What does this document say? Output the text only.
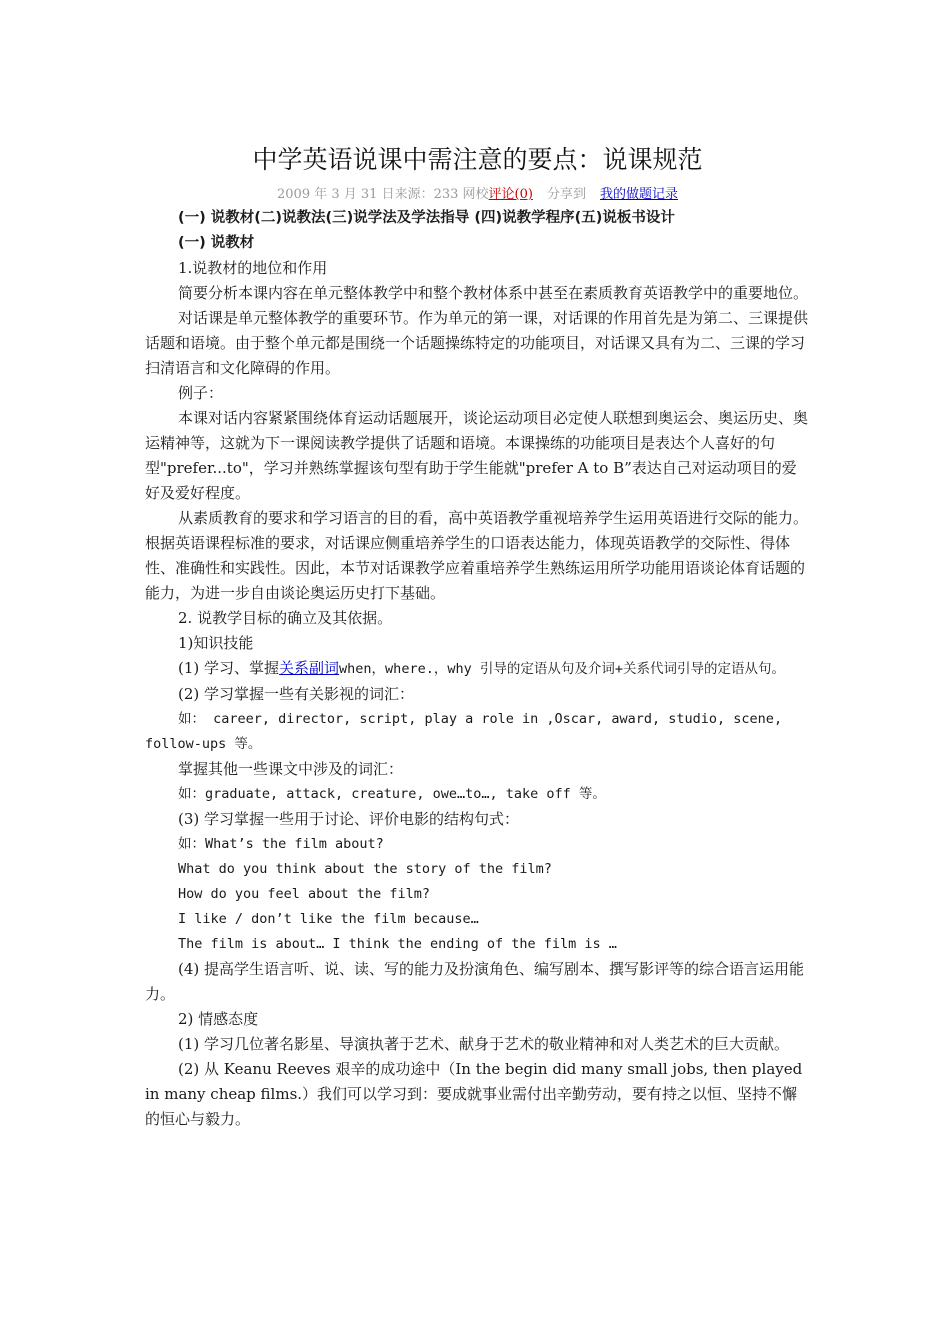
中学英语说课中需注意的要点：说课规范
2009 年 3 月 31 日来源：233 网校评论(0) 分享到 我的做题记录

(一) 说教材(二)说教法(三)说学法及学法指导 (四)说教学程序(五)说板书设计

(一) 说教材

1.说教材的地位和作用

简要分析本课内容在单元整体教学中和整个教材体系中甚至在素质教育英语教学中的重要地位。

对话课是单元整体教学的重要环节。作为单元的第一课，对话课的作用首先是为第二、三课提供话题和语境。由于整个单元都是围绕一个话题操练特定的功能项目，对话课又具有为二、三课的学习扫清语言和文化障碍的作用。

例子：

本课对话内容紧紧围绕体育运动话题展开，谈论运动项目必定使人联想到奥运会、奥运历史、奥运精神等，这就为下一课阅读教学提供了话题和语境。本课操练的功能项目是表达个人喜好的句型"prefer...to"，学习并熟练掌握该句型有助于学生能就"prefer A to B”表达自己对运动项目的爱好及爱好程度。

从素质教育的要求和学习语言的目的看，高中英语教学重视培养学生运用英语进行交际的能力。根据英语课程标准的要求，对话课应侧重培养学生的口语表达能力，体现英语教学的交际性、得体性、准确性和实践性。因此，本节对话课教学应着重培养学生熟练运用所学功能用语谈论体育话题的能力，为进一步自由谈论奥运历史打下基础。

2. 说教学目标的确立及其依据。

1)知识技能

(1) 学习、掌握关系副词when，where.，why 引导的定语从句及介词+关系代词引导的定语从句。

(2) 学习掌握一些有关影视的词汇：

如： career, director, script, play a role in ,Oscar, award, studio, scene, follow-ups 等。

掌握其他一些课文中涉及的词汇：

如：graduate, attack, creature, owe…to…, take off 等。

(3) 学习掌握一些用于讨论、评价电影的结构句式：

如：What’s the film about?

What do you think about the story of the film?

How do you feel about the film?

I like / don’t like the film because…

The film is about… I think the ending of the film is …

(4) 提高学生语言听、说、读、写的能力及扮演角色、编写剧本、撰写影评等的综合语言运用能力。

2) 情感态度

(1) 学习几位著名影星、导演执著于艺术、献身于艺术的敬业精神和对人类艺术的巨大贡献。

(2) 从 Keanu Reeves 艰辛的成功途中（In the begin did many small jobs, then played in many cheap films.）我们可以学习到：要成就事业需付出辛勤劳动，要有持之以恒、坚持不懈的恒心与毅力。
